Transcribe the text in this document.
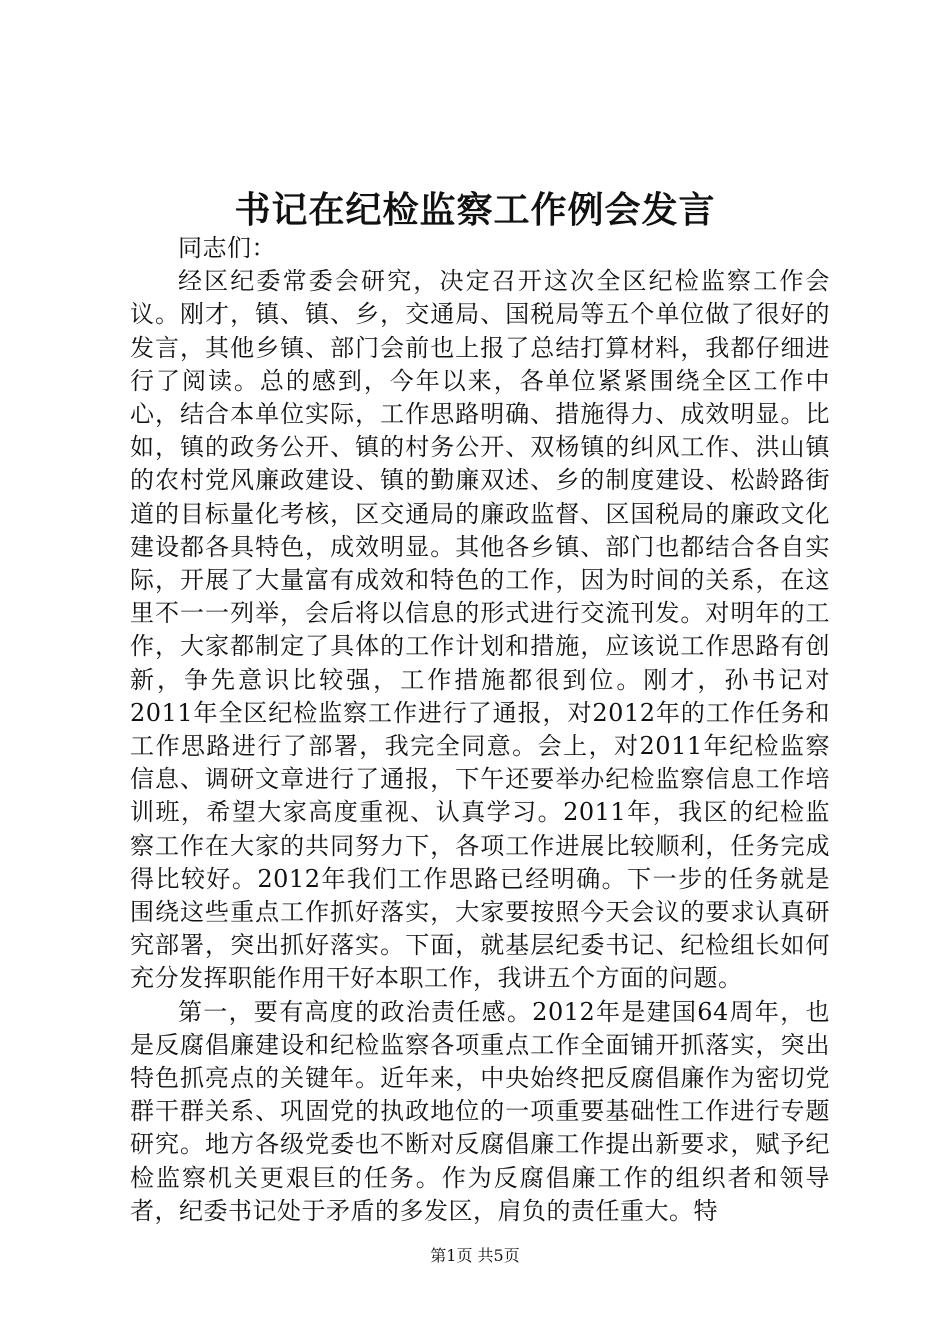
书记在纪检监察工作例会发言

同志们：

经区纪委常委会研究，决定召开这次全区纪检监察工作会议。刚才，镇、镇、乡，交通局、国税局等五个单位做了很好的发言，其他乡镇、部门会前也上报了总结打算材料，我都仔细进行了阅读。总的感到，今年以来，各单位紧紧围绕全区工作中心，结合本单位实际，工作思路明确、措施得力、成效明显。比如，镇的政务公开、镇的村务公开、双杨镇的纠风工作、洪山镇的农村党风廉政建设、镇的勤廉双述、乡的制度建设、松龄路街道的目标量化考核，区交通局的廉政监督、区国税局的廉政文化建设都各具特色，成效明显。其他各乡镇、部门也都结合各自实际，开展了大量富有成效和特色的工作，因为时间的关系，在这里不一一列举，会后将以信息的形式进行交流刊发。对明年的工作，大家都制定了具体的工作计划和措施，应该说工作思路有创新，争先意识比较强，工作措施都很到位。刚才，孙书记对2011年全区纪检监察工作进行了通报，对2012年的工作任务和工作思路进行了部署，我完全同意。会上，对2011年纪检监察信息、调研文章进行了通报，下午还要举办纪检监察信息工作培训班，希望大家高度重视、认真学习。2011年，我区的纪检监察工作在大家的共同努力下，各项工作进展比较顺利，任务完成得比较好。2012年我们工作思路已经明确。下一步的任务就是围绕这些重点工作抓好落实，大家要按照今天会议的要求认真研究部署，突出抓好落实。下面，就基层纪委书记、纪检组长如何充分发挥职能作用干好本职工作，我讲五个方面的问题。

第一，要有高度的政治责任感。2012年是建国64周年，也是反腐倡廉建设和纪检监察各项重点工作全面铺开抓落实，突出特色抓亮点的关键年。近年来，中央始终把反腐倡廉作为密切党群干群关系、巩固党的执政地位的一项重要基础性工作进行专题研究。地方各级党委也不断对反腐倡廉工作提出新要求，赋予纪检监察机关更艰巨的任务。作为反腐倡廉工作的组织者和领导者，纪委书记处于矛盾的多发区，肩负的责任重大。特

第1页 共5页
